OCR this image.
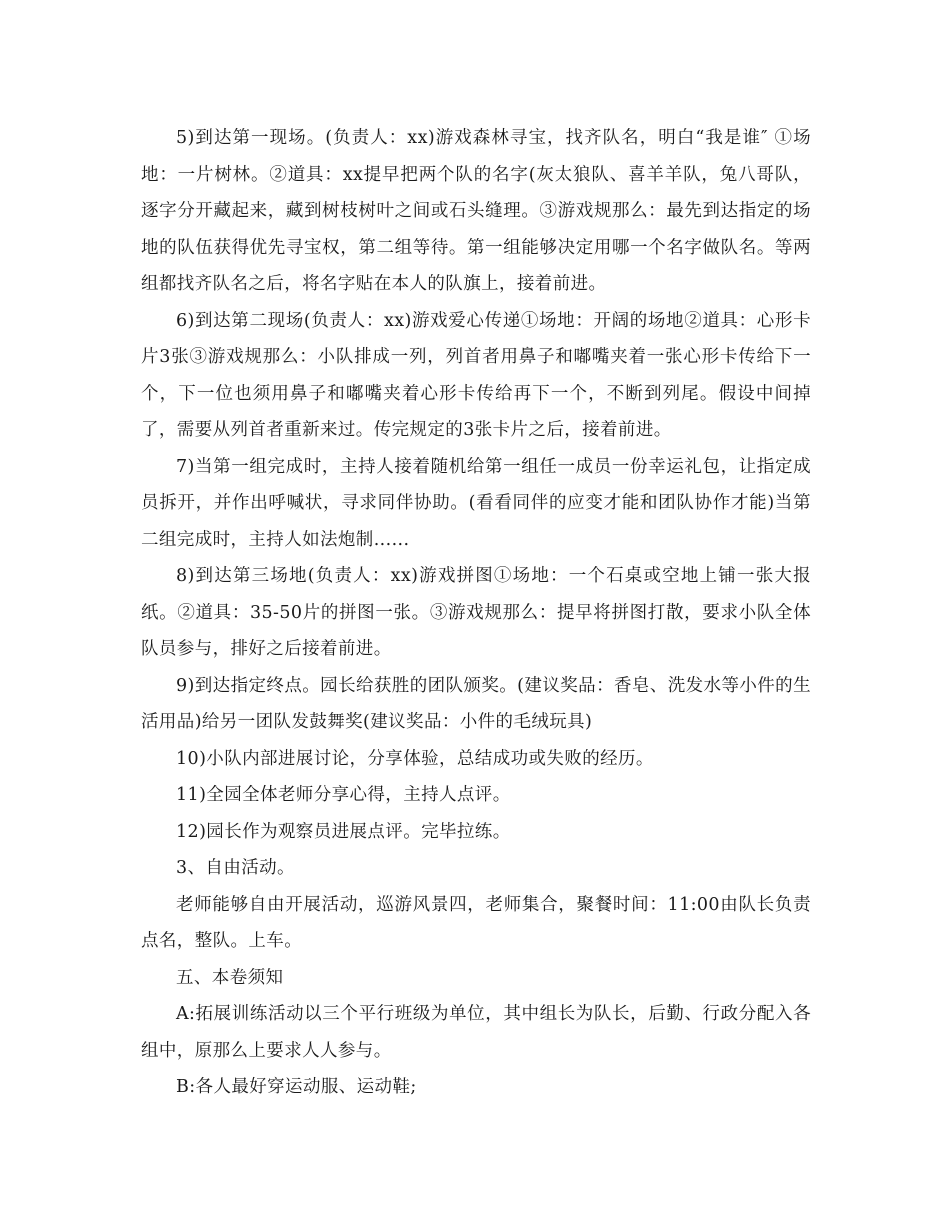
5)到达第一现场。(负责人：xx)游戏森林寻宝，找齐队名，明白“我是谁″ ①场地：一片树林。②道具：xx提早把两个队的名字(灰太狼队、喜羊羊队，兔八哥队，逐字分开藏起来，藏到树枝树叶之间或石头缝理。③游戏规那么：最先到达指定的场地的队伍获得优先寻宝权，第二组等待。第一组能够决定用哪一个名字做队名。等两组都找齐队名之后，将名字贴在本人的队旗上，接着前进。

6)到达第二现场(负责人：xx)游戏爱心传递①场地：开阔的场地②道具：心形卡片3张③游戏规那么：小队排成一列，列首者用鼻子和嘟嘴夹着一张心形卡传给下一个，下一位也须用鼻子和嘟嘴夹着心形卡传给再下一个，不断到列尾。假设中间掉了，需要从列首者重新来过。传完规定的3张卡片之后，接着前进。

7)当第一组完成时，主持人接着随机给第一组任一成员一份幸运礼包，让指定成员拆开，并作出呼喊状，寻求同伴协助。(看看同伴的应变才能和团队协作才能)当第二组完成时，主持人如法炮制......

8)到达第三场地(负责人：xx)游戏拼图①场地：一个石桌或空地上铺一张大报纸。②道具：35-50片的拼图一张。③游戏规那么：提早将拼图打散，要求小队全体队员参与，排好之后接着前进。

9)到达指定终点。园长给获胜的团队颁奖。(建议奖品：香皂、洗发水等小件的生活用品)给另一团队发鼓舞奖(建议奖品：小件的毛绒玩具)

10)小队内部进展讨论，分享体验，总结成功或失败的经历。

11)全园全体老师分享心得，主持人点评。

12)园长作为观察员进展点评。完毕拉练。

3、自由活动。

老师能够自由开展活动，巡游风景四，老师集合，聚餐时间：11:00由队长负责点名，整队。上车。

五、本卷须知

A:拓展训练活动以三个平行班级为单位，其中组长为队长，后勤、行政分配入各组中，原那么上要求人人参与。

B:各人最好穿运动服、运动鞋;
